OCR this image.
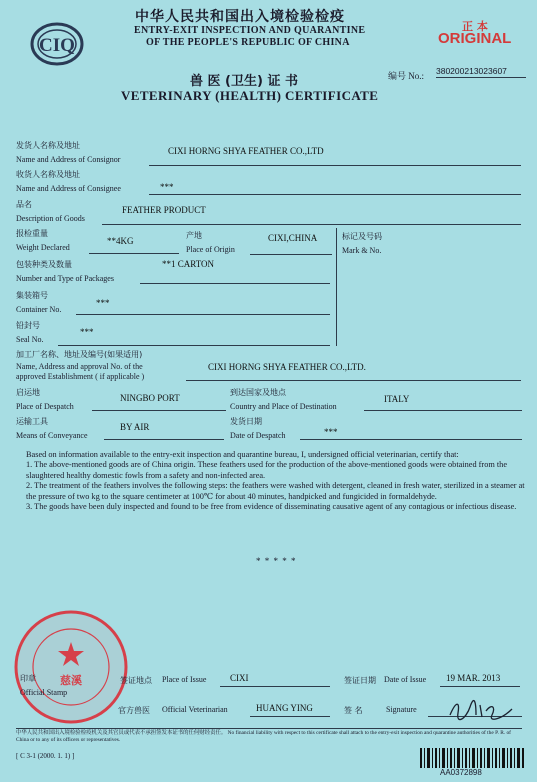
CIQ
中华人民共和国出入境检验检疫
ENTRY-EXIT INSPECTION AND QUARANTINE
OF THE PEOPLE'S REPUBLIC OF CHINA
正 本
ORIGINAL
兽 医 (卫生) 证 书
VETERINARY (HEALTH) CERTIFICATE
编号 No.: 380200213023607
发货人名称及地址
Name and Address of Consignor
CIXI HORNG SHYA FEATHER CO.,LTD
收货人名称及地址
Name and Address of Consignee	***
品名
Description of Goods
FEATHER PRODUCT
报检重量
Weight Declared
**4KG
产地
Place of Origin
CIXI,CHINA	标记及号码
Mark & No.
包装种类及数量
Number and Type of Packages
**1 CARTON
集装箱号
Container No.
***
铅封号
Seal No.
***
加工厂名称、地址及编号(如果适用)
Name, Address and approval No. of the
approved Establishment ( if applicable )
CIXI HORNG SHYA FEATHER CO.,LTD.
启运地
Place of Despatch
NINGBO PORT
到达国家及地点
Country and Place of Destination
ITALY
运输工具
Means of Conveyance
BY AIR
发货日期
Date of Despatch	***
Based on information available to the entry-exit inspection and quarantine bureau, I, undersigned official veterinarian, certify that:
1. The above-mentioned goods are of China origin. These feathers used for the production of the above-mentioned goods were obtained from the slaughtered healthy domestic fowls from a safety and non-infected area.
2. The treatment of the feathers involves the following steps: the feathers were washed with detergent, cleaned in fresh water, sterilized in a steamer at the pressure of two kg to the square centimeter at 100℃ for about 40 minutes, handpicked and fungicided in formaldehyde.
3. The goods have been duly inspected and found to be free from evidence of disseminating causative agent of any contagious or infectious disease.
* * * * *
慈溪
印章
Official Stamp
签证地点 Place of Issue	CIXI	签证日期 Date of Issue 19 MAR. 2013
官方兽医 Official Veterinarian	HUANG YING	签 名	Signature
中华人民共和国出入境检验检疫机关及其官员或代表不承担签发本证书的任何财经责任。 No financial liability with respect to this certificate shall attach to the entry-exit inspection and quarantine authorities of the P. R. of China or to any of its officers or representatives.
[ C 3-1 (2000. 1. 1) ]
AA0372898
